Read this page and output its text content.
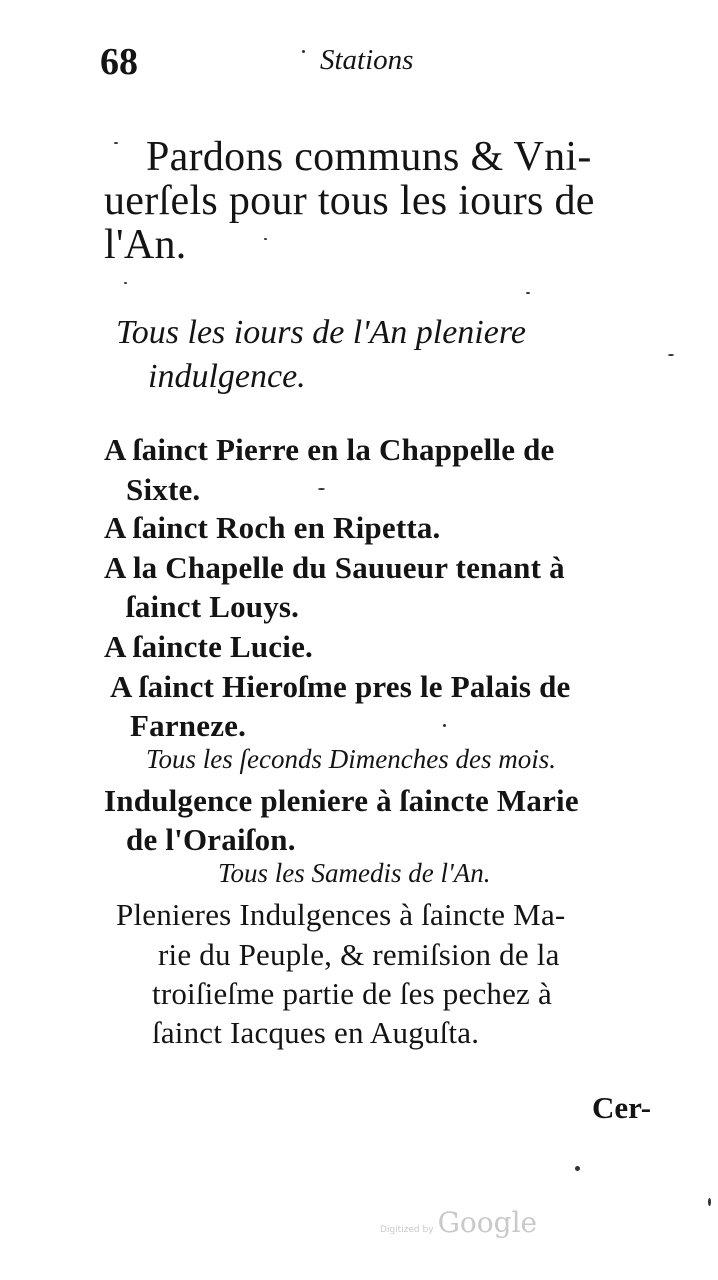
68	Stations
Pardons communs & Vni-
uerſels pour tous les iours de
l'An.
Tous les iours de l'An pleniere
indulgence.
A ſainct Pierre en la Chappelle de
Sixte.
A ſainct Roch en Ripetta.
A la Chapelle du Sauueur tenant à
ſainct Louys.
A ſaincte Lucie.
A ſainct Hieroſme pres le Palais de
Farneze.
Tous les ſeconds Dimenches des mois.
Indulgence pleniere à ſaincte Marie
de l'Oraiſon.
Tous les Samedis de l'An.
Plenieres Indulgences à ſaincte Ma-
rie du Peuple, & remiſsion de la
troiſieſme partie de ſes pechez à
ſainct Iacques en Auguſta.
Cer-
Digitized by Google
